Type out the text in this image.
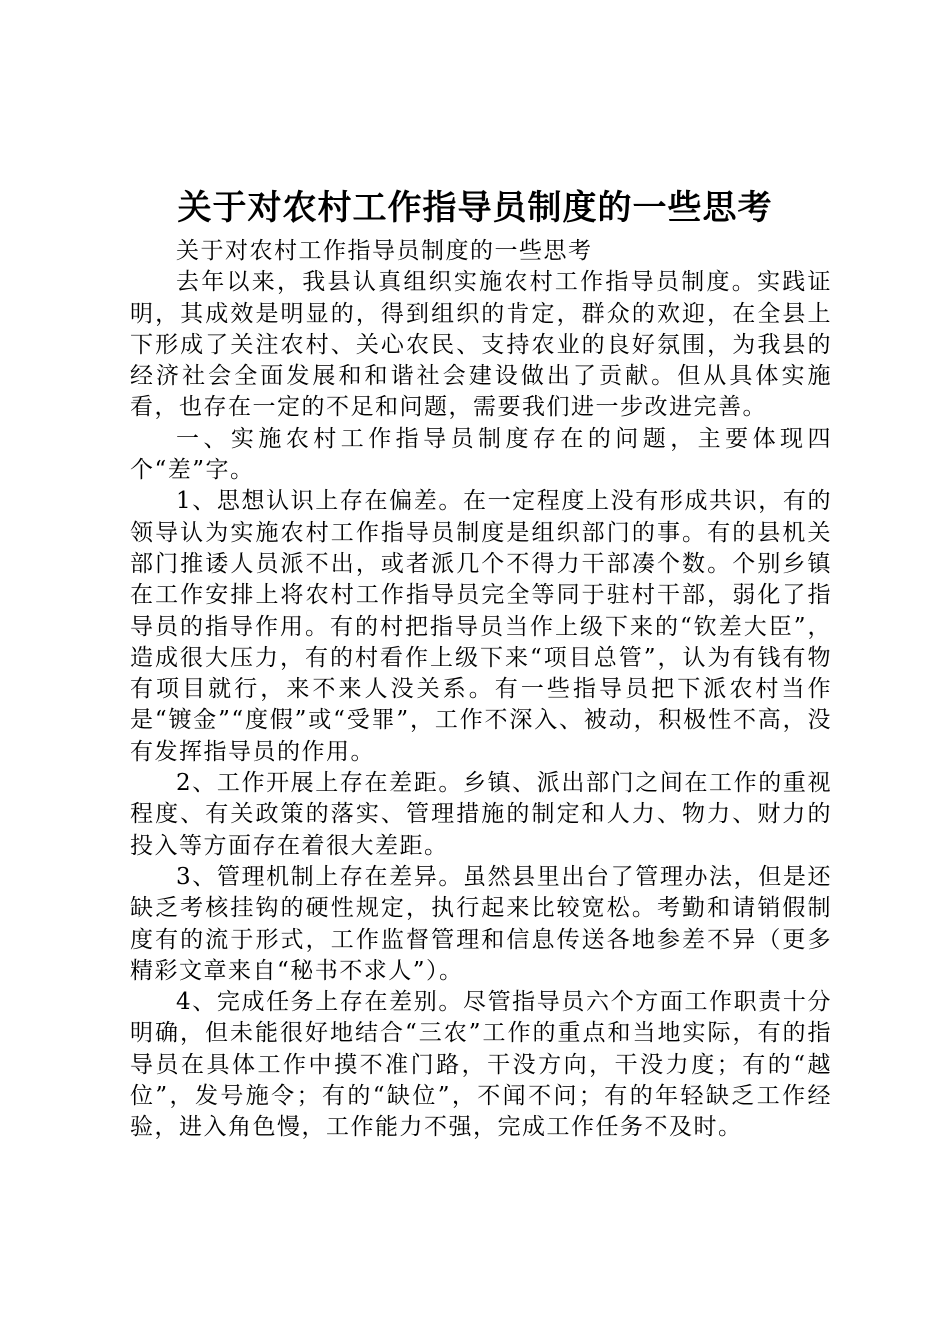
关于对农村工作指导员制度的一些思考

关于对农村工作指导员制度的一些思考

去年以来，我县认真组织实施农村工作指导员制度。实践证明，其成效是明显的，得到组织的肯定，群众的欢迎，在全县上下形成了关注农村、关心农民、支持农业的良好氛围，为我县的经济社会全面发展和和谐社会建设做出了贡献。但从具体实施看，也存在一定的不足和问题，需要我们进一步改进完善。

一、实施农村工作指导员制度存在的问题，主要体现四个“差”字。

1、思想认识上存在偏差。在一定程度上没有形成共识，有的领导认为实施农村工作指导员制度是组织部门的事。有的县机关部门推诿人员派不出，或者派几个不得力干部凑个数。个别乡镇在工作安排上将农村工作指导员完全等同于驻村干部，弱化了指导员的指导作用。有的村把指导员当作上级下来的“钦差大臣”，造成很大压力，有的村看作上级下来“项目总管”，认为有钱有物有项目就行，来不来人没关系。有一些指导员把下派农村当作是“镀金”“度假”或“受罪”，工作不深入、被动，积极性不高，没有发挥指导员的作用。

2、工作开展上存在差距。乡镇、派出部门之间在工作的重视程度、有关政策的落实、管理措施的制定和人力、物力、财力的投入等方面存在着很大差距。

3、管理机制上存在差异。虽然县里出台了管理办法，但是还缺乏考核挂钩的硬性规定，执行起来比较宽松。考勤和请销假制度有的流于形式，工作监督管理和信息传送各地参差不异（更多精彩文章来自“秘书不求人”）。

4、完成任务上存在差别。尽管指导员六个方面工作职责十分明确，但未能很好地结合“三农”工作的重点和当地实际，有的指导员在具体工作中摸不准门路，干没方向，干没力度；有的“越位”，发号施令；有的“缺位”，不闻不问；有的年轻缺乏工作经验，进入角色慢，工作能力不强，完成工作任务不及时。
